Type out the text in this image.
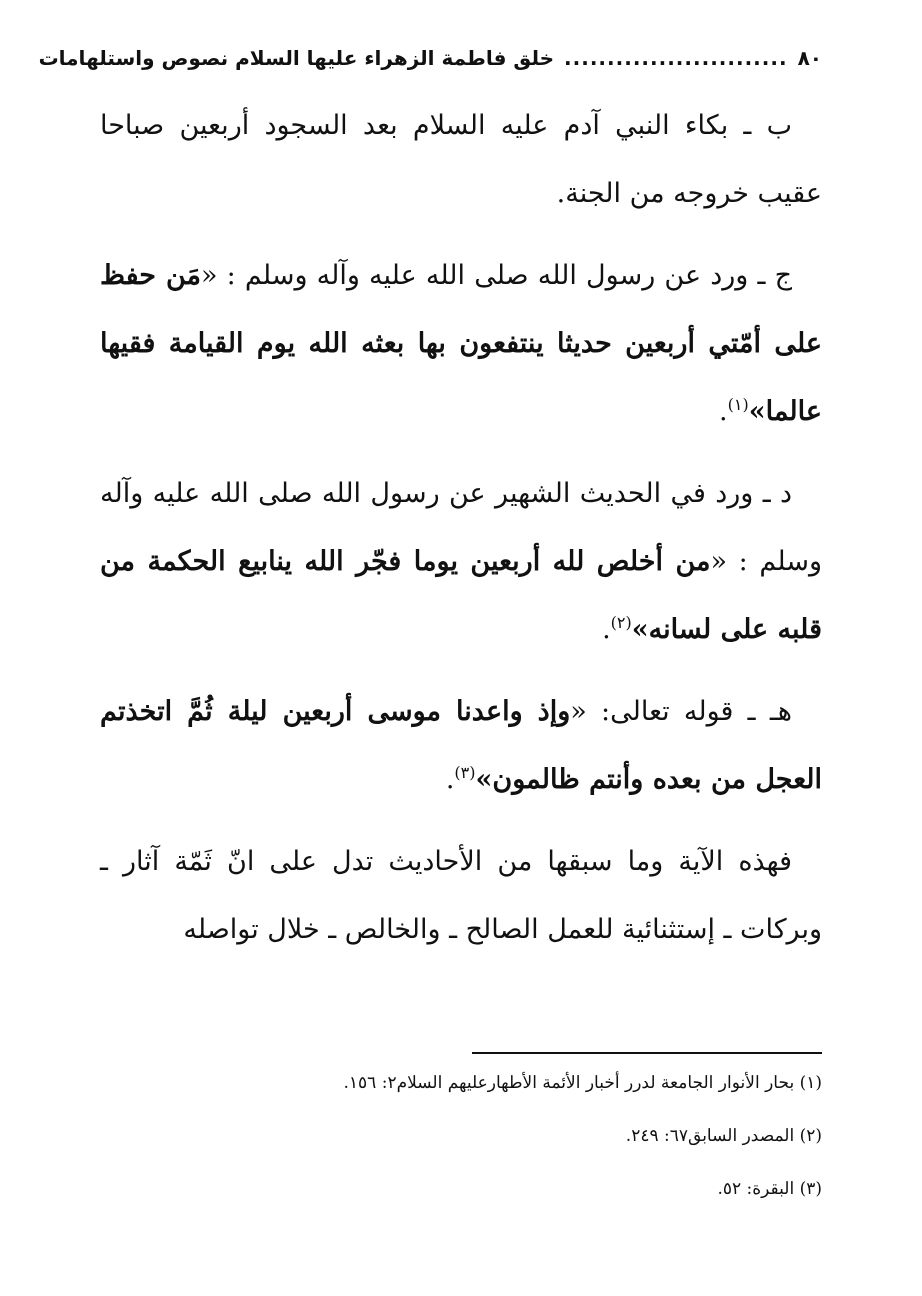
٨٠
..........................
خلق فاطمة الزهراء عليها السلام نصوص واستلهامات

ب ـ بكاء النبي آدم عليه السلام بعد السجود أربعين صباحا عقيب خروجه من الجنة.

ج ـ ورد عن رسول الله صلى الله عليه وآله وسلم : «مَن حفظ على أمّتي أربعين حديثا ينتفعون بها بعثه الله يوم القيامة فقيها عالما»$^{(١)}$.

د ـ ورد في الحديث الشهير عن رسول الله صلى الله عليه وآله وسلم : «من أخلص لله أربعين يوما فجّر الله ينابيع الحكمة من قلبه على لسانه»$^{(٢)}$.

هـ ـ قوله تعالى: «وإذ واعدنا موسى أربعين ليلة ثُمَّ اتخذتم العجل من بعده وأنتم ظالمون»$^{(٣)}$.

فهذه الآية وما سبقها من الأحاديث تدل على انّ ثَمّة آثار ـ وبركات ـ إستثنائية للعمل الصالح ـ والخالص ـ خلال تواصله

(١) بحار الأنوار الجامعة لدرر أخبار الأئمة الأطهارعليهم السلام٢: ١٥٦.

(٢) المصدر السابق٦٧: ٢٤٩.

(٣) البقرة: ٥٢.
